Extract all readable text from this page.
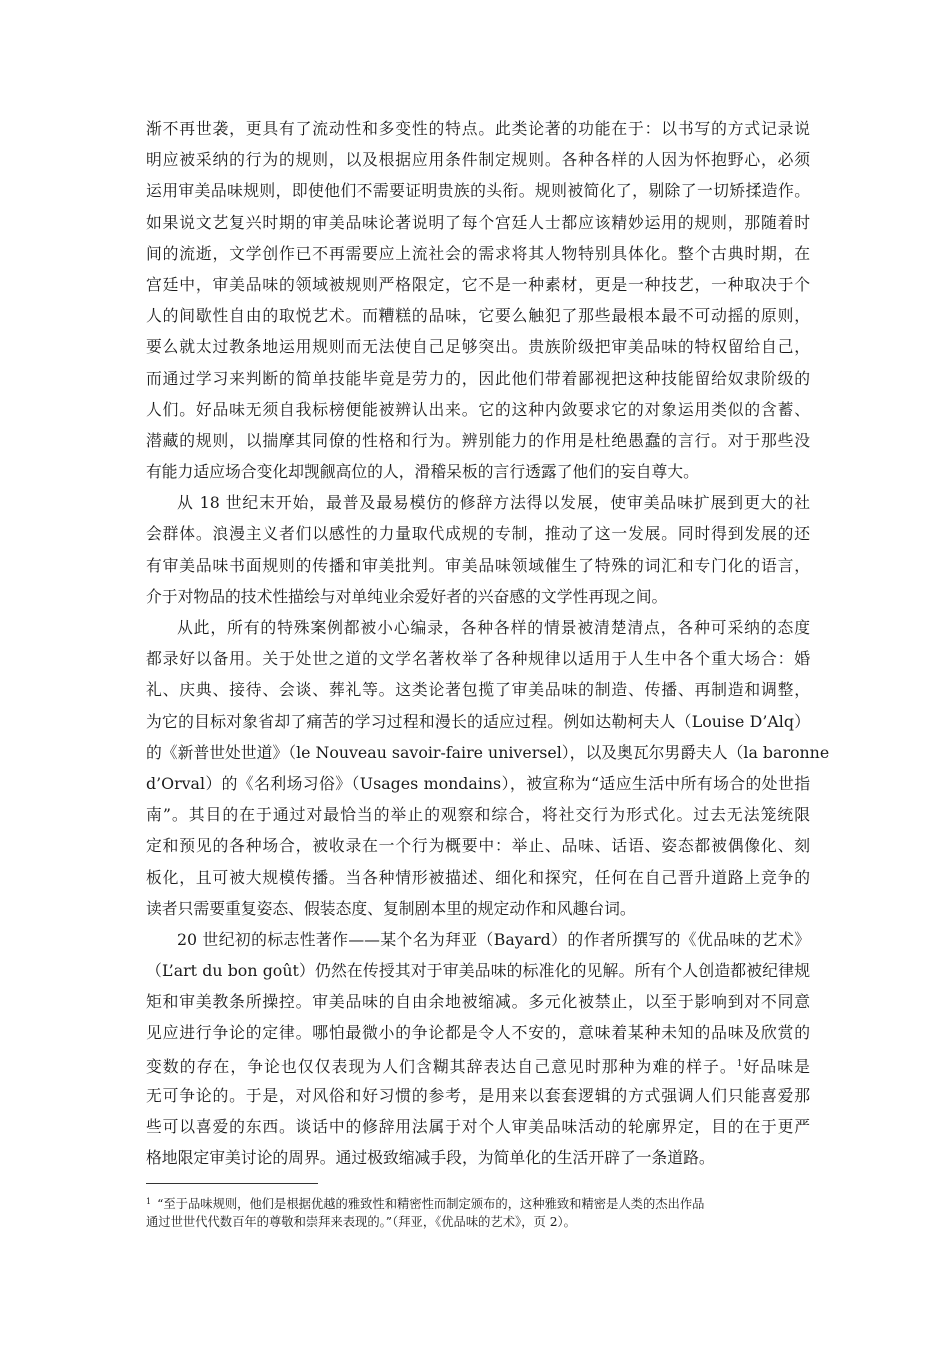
渐不再世袭，更具有了流动性和多变性的特点。此类论著的功能在于：以书写的方式记录说
明应被采纳的行为的规则，以及根据应用条件制定规则。各种各样的人因为怀抱野心，必须
运用审美品味规则，即使他们不需要证明贵族的头衔。规则被简化了，剔除了一切矫揉造作。
如果说文艺复兴时期的审美品味论著说明了每个宫廷人士都应该精妙运用的规则，那随着时
间的流逝，文学创作已不再需要应上流社会的需求将其人物特别具体化。整个古典时期，在
宫廷中，审美品味的领域被规则严格限定，它不是一种素材，更是一种技艺，一种取决于个
人的间歇性自由的取悦艺术。而糟糕的品味，它要么触犯了那些最根本最不可动摇的原则，
要么就太过教条地运用规则而无法使自己足够突出。贵族阶级把审美品味的特权留给自己，
而通过学习来判断的简单技能毕竟是劳力的，因此他们带着鄙视把这种技能留给奴隶阶级的
人们。好品味无须自我标榜便能被辨认出来。它的这种内敛要求它的对象运用类似的含蓄、
潜藏的规则，以揣摩其同僚的性格和行为。辨别能力的作用是杜绝愚蠢的言行。对于那些没
有能力适应场合变化却觊觎高位的人，滑稽呆板的言行透露了他们的妄自尊大。
从 18 世纪末开始，最普及最易模仿的修辞方法得以发展，使审美品味扩展到更大的社
会群体。浪漫主义者们以感性的力量取代成规的专制，推动了这一发展。同时得到发展的还
有审美品味书面规则的传播和审美批判。审美品味领域催生了特殊的词汇和专门化的语言，
介于对物品的技术性描绘与对单纯业余爱好者的兴奋感的文学性再现之间。
从此，所有的特殊案例都被小心编录，各种各样的情景被清楚清点，各种可采纳的态度
都录好以备用。关于处世之道的文学名著枚举了各种规律以适用于人生中各个重大场合：婚
礼、庆典、接待、会谈、葬礼等。这类论著包揽了审美品味的制造、传播、再制造和调整，
为它的目标对象省却了痛苦的学习过程和漫长的适应过程。例如达勒柯夫人（Louise D’Alq）
的《新普世处世道》（le Nouveau savoir-faire universel），以及奥瓦尔男爵夫人（la baronne
d’Orval）的《名利场习俗》（Usages mondains），被宣称为“适应生活中所有场合的处世指
南”。其目的在于通过对最恰当的举止的观察和综合，将社交行为形式化。过去无法笼统限
定和预见的各种场合，被收录在一个行为概要中：举止、品味、话语、姿态都被偶像化、刻
板化，且可被大规模传播。当各种情形被描述、细化和探究，任何在自己晋升道路上竞争的
读者只需要重复姿态、假装态度、复制剧本里的规定动作和风趣台词。
20 世纪初的标志性著作——某个名为拜亚（Bayard）的作者所撰写的《优品味的艺术》
（L’art du bon goût）仍然在传授其对于审美品味的标准化的见解。所有个人创造都被纪律规
矩和审美教条所操控。审美品味的自由余地被缩减。多元化被禁止，以至于影响到对不同意
见应进行争论的定律。哪怕最微小的争论都是令人不安的，意味着某种未知的品味及欣赏的
变数的存在，争论也仅仅表现为人们含糊其辞表达自己意见时那种为难的样子。$^1$好品味是
无可争论的。于是，对风俗和好习惯的参考，是用来以套套逻辑的方式强调人们只能喜爱那
些可以喜爱的东西。谈话中的修辞用法属于对个人审美品味活动的轮廓界定，目的在于更严
格地限定审美讨论的周界。通过极致缩减手段，为简单化的生活开辟了一条道路。
$^1$ “至于品味规则，他们是根据优越的雅致性和精密性而制定颁布的，这种雅致和精密是人类的杰出作品
通过世世代代数百年的尊敬和崇拜来表现的。”（拜亚，《优品味的艺术》，页 2）。
